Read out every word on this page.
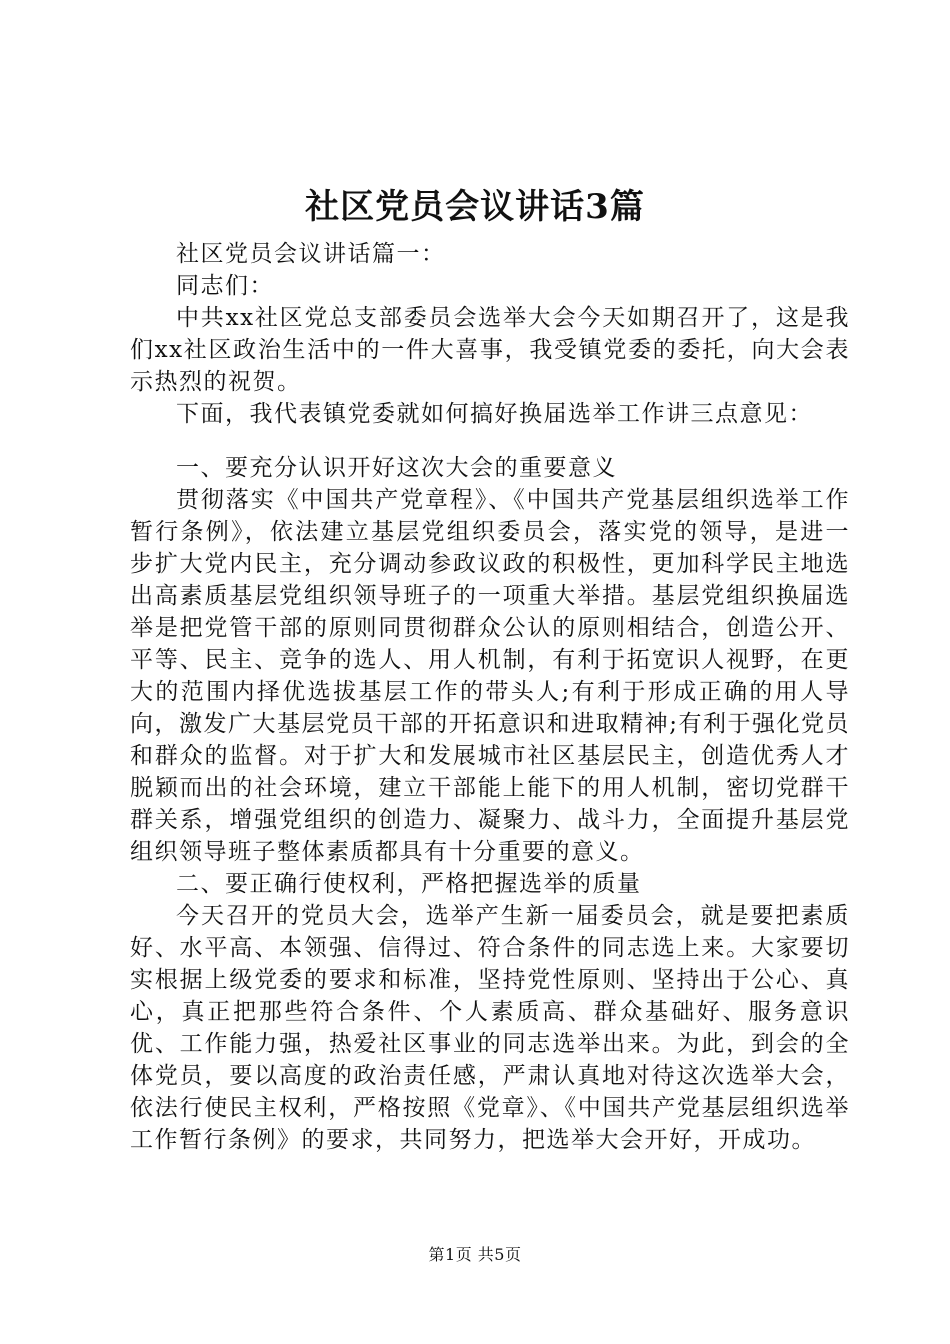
社区党员会议讲话3篇

社区党员会议讲话篇一：

同志们：

中共xx社区党总支部委员会选举大会今天如期召开了，这是我们xx社区政治生活中的一件大喜事，我受镇党委的委托，向大会表示热烈的祝贺。

下面，我代表镇党委就如何搞好换届选举工作讲三点意见：

一、要充分认识开好这次大会的重要意义

贯彻落实《中国共产党章程》、《中国共产党基层组织选举工作暂行条例》，依法建立基层党组织委员会，落实党的领导，是进一步扩大党内民主，充分调动参政议政的积极性，更加科学民主地选出高素质基层党组织领导班子的一项重大举措。基层党组织换届选举是把党管干部的原则同贯彻群众公认的原则相结合，创造公开、平等、民主、竞争的选人、用人机制，有利于拓宽识人视野，在更大的范围内择优选拔基层工作的带头人;有利于形成正确的用人导向，激发广大基层党员干部的开拓意识和进取精神;有利于强化党员和群众的监督。对于扩大和发展城市社区基层民主，创造优秀人才脱颖而出的社会环境，建立干部能上能下的用人机制，密切党群干群关系，增强党组织的创造力、凝聚力、战斗力，全面提升基层党组织领导班子整体素质都具有十分重要的意义。

二、要正确行使权利，严格把握选举的质量

今天召开的党员大会，选举产生新一届委员会，就是要把素质好、水平高、本领强、信得过、符合条件的同志选上来。大家要切实根据上级党委的要求和标准，坚持党性原则、坚持出于公心、真心，真正把那些符合条件、个人素质高、群众基础好、服务意识优、工作能力强，热爱社区事业的同志选举出来。为此，到会的全体党员，要以高度的政治责任感，严肃认真地对待这次选举大会，依法行使民主权利，严格按照《党章》、《中国共产党基层组织选举工作暂行条例》的要求，共同努力，把选举大会开好，开成功。

第1页 共5页
